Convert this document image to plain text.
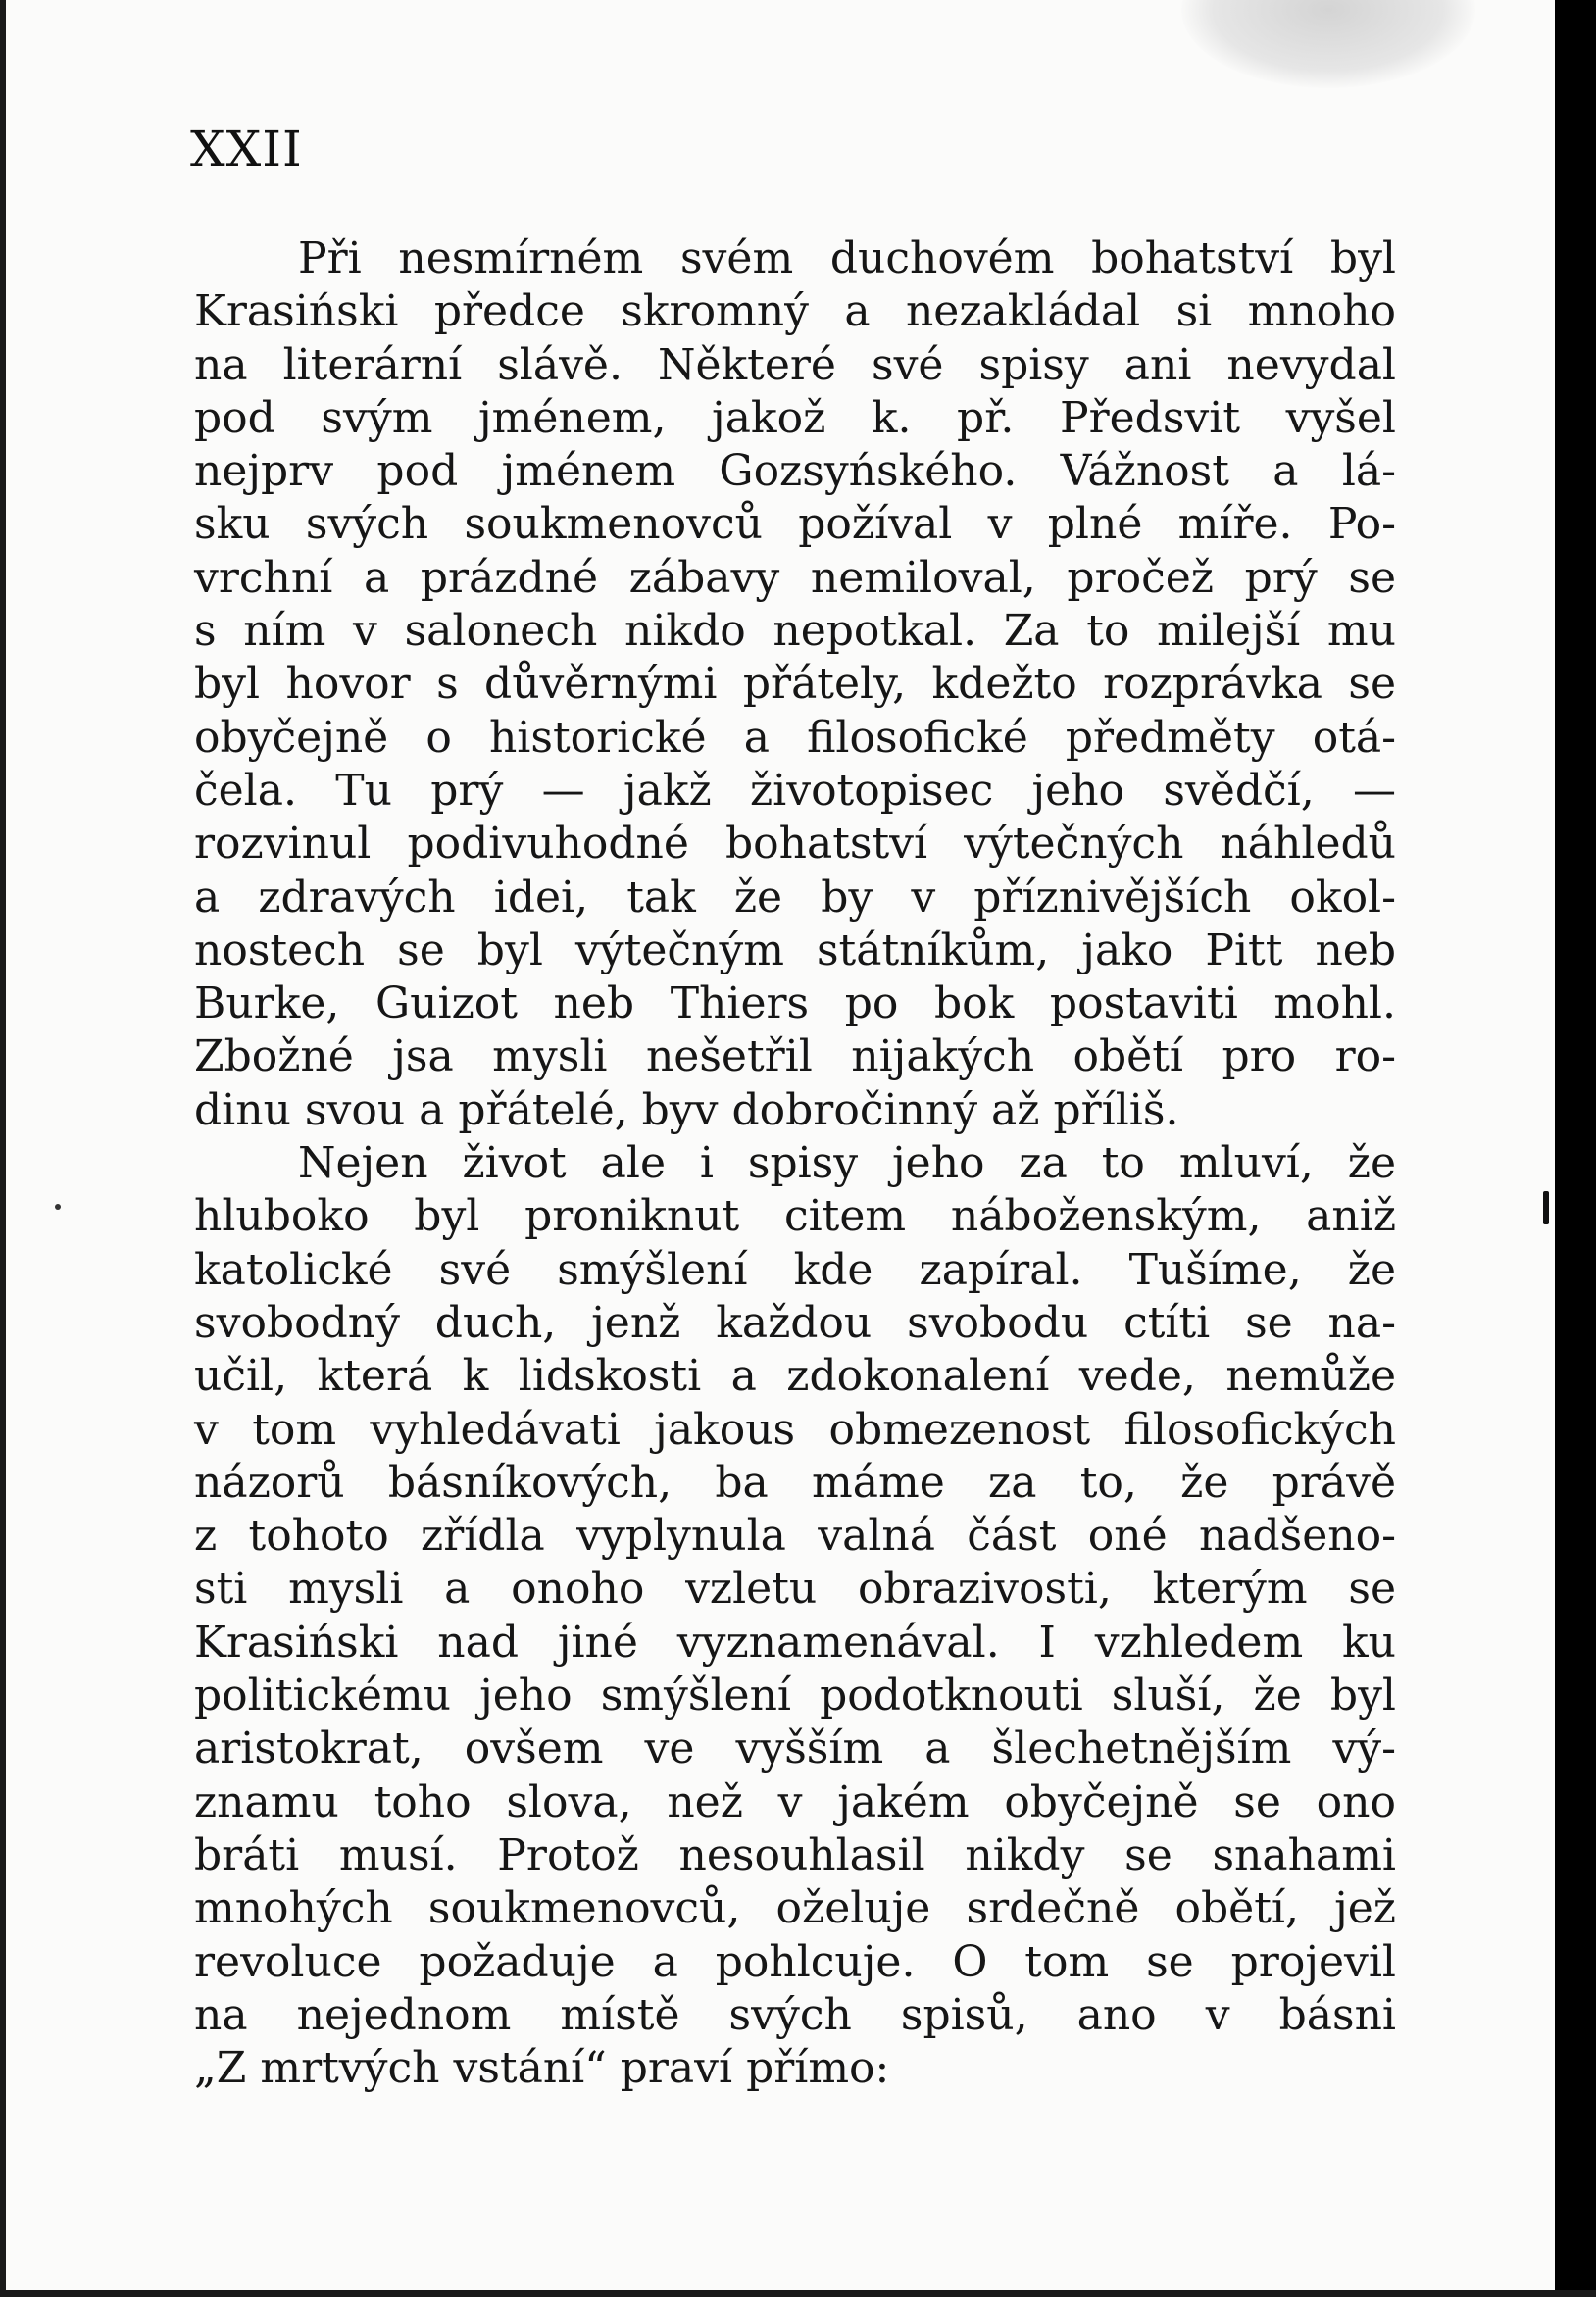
XXII
Při nesmírném svém duchovém bohatství byl
Krasiński předce skromný a nezakládal si mnoho
na literární slávě. Některé své spisy ani nevydal
pod svým jménem, jakož k. př. Předsvit vyšel
nejprv pod jménem Gozsyńského. Vážnost a lá-
sku svých soukmenovců požíval v plné míře. Po-
vrchní a prázdné zábavy nemiloval, pročež prý se
s ním v salonech nikdo nepotkal. Za to milejší mu
byl hovor s důvěrnými přátely, kdežto rozprávka se
obyčejně o historické a filosofické předměty otá-
čela. Tu prý — jakž životopisec jeho svědčí, —
rozvinul podivuhodné bohatství výtečných náhledů
a zdravých idei, tak že by v příznivějších okol-
nostech se byl výtečným státníkům, jako Pitt neb
Burke, Guizot neb Thiers po bok postaviti mohl.
Zbožné jsa mysli nešetřil nijakých obětí pro ro-
dinu svou a přátelé, byv dobročinný až příliš.
Nejen život ale i spisy jeho za to mluví, že
hluboko byl proniknut citem náboženským, aniž
katolické své smýšlení kde zapíral. Tušíme, že
svobodný duch, jenž každou svobodu ctíti se na-
učil, která k lidskosti a zdokonalení vede, nemůže
v tom vyhledávati jakous obmezenost filosofických
názorů básníkových, ba máme za to, že právě
z tohoto zřídla vyplynula valná část oné nadšeno-
sti mysli a onoho vzletu obrazivosti, kterým se
Krasiński nad jiné vyznamenával. I vzhledem ku
politickému jeho smýšlení podotknouti sluší, že byl
aristokrat, ovšem ve vyšším a šlechetnějším vý-
znamu toho slova, než v jakém obyčejně se ono
bráti musí. Protož nesouhlasil nikdy se snahami
mnohých soukmenovců, oželuje srdečně obětí, jež
revoluce požaduje a pohlcuje. O tom se projevil
na nejednom místě svých spisů, ano v básni
„Z mrtvých vstání“ praví přímo:
